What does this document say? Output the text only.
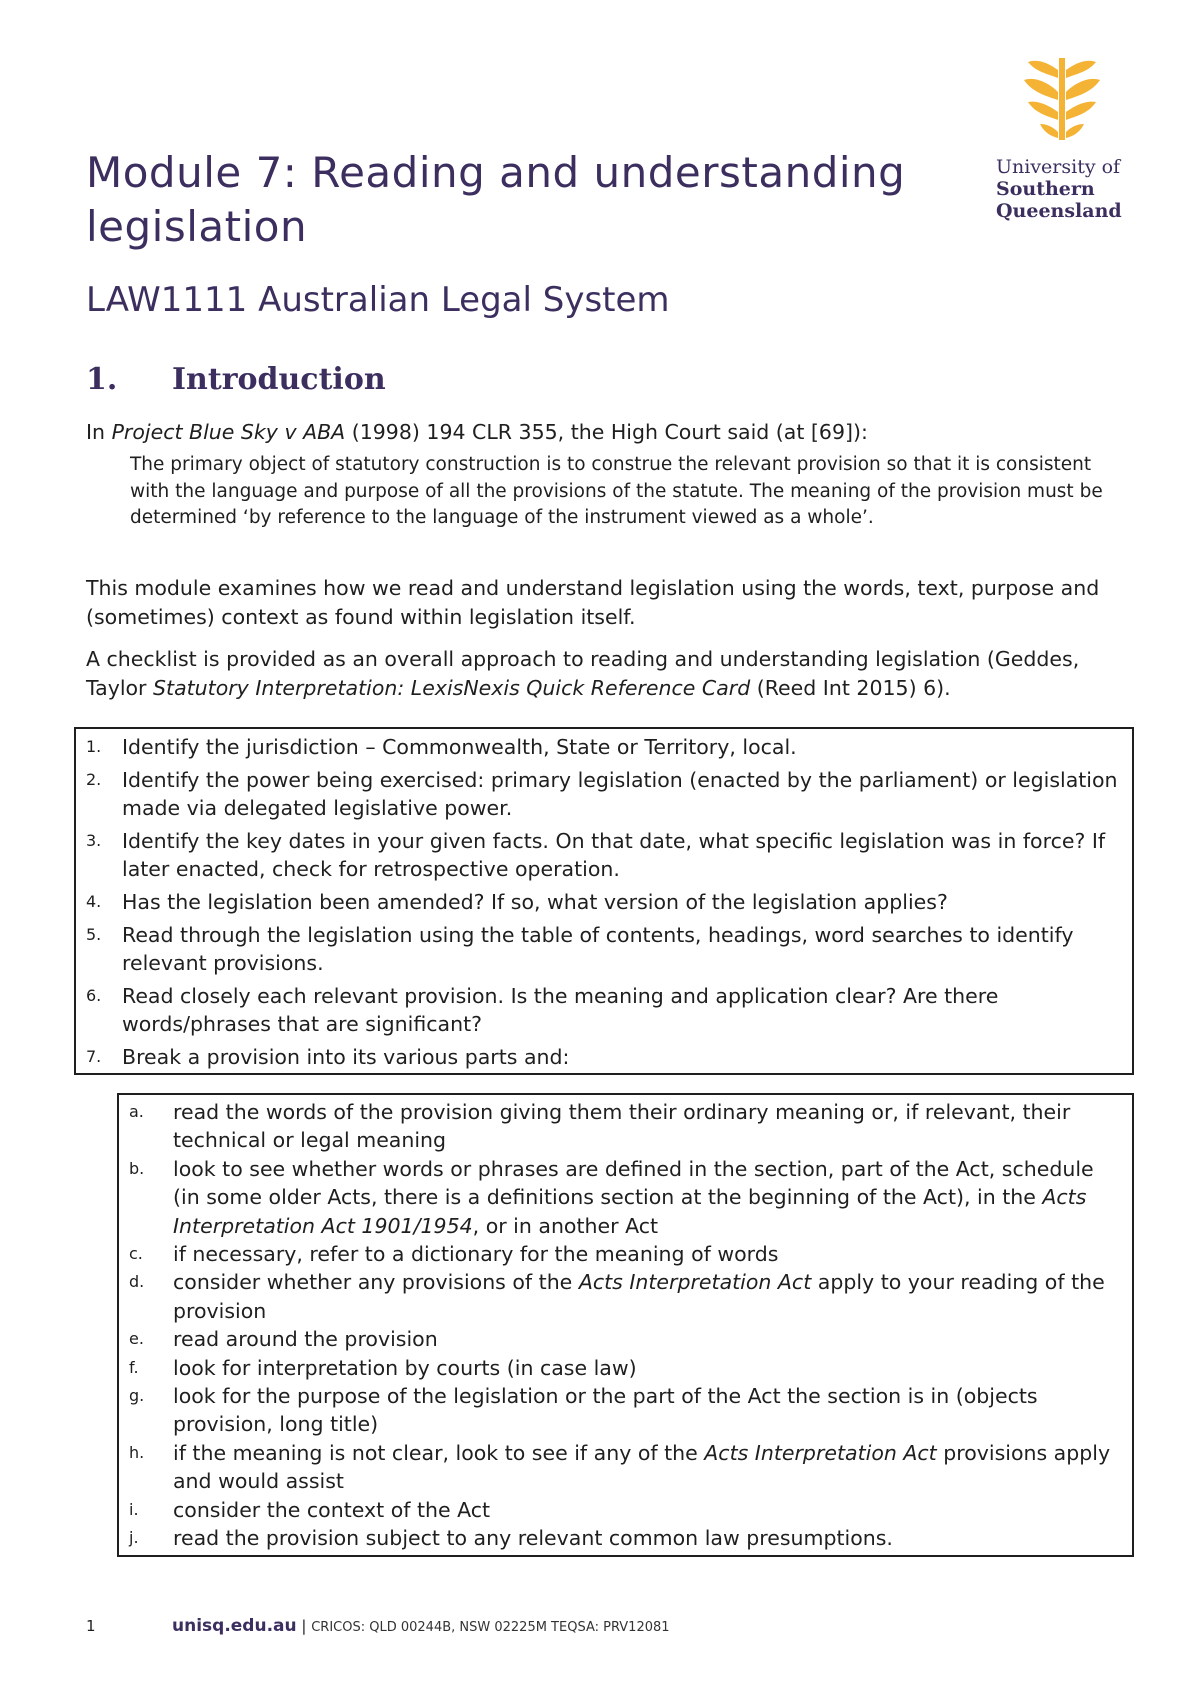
University of
Southern
Queensland
Module 7: Reading and understanding legislation
LAW1111 Australian Legal System
1. Introduction

In Project Blue Sky v ABA (1998) 194 CLR 355, the High Court said (at [69]):

The primary object of statutory construction is to construe the relevant provision so that it is consistent with the language and purpose of all the provisions of the statute. The meaning of the provision must be determined ‘by reference to the language of the instrument viewed as a whole’.

This module examines how we read and understand legislation using the words, text, purpose and (sometimes) context as found within legislation itself.

A checklist is provided as an overall approach to reading and understanding legislation (Geddes, Taylor Statutory Interpretation: LexisNexis Quick Reference Card (Reed Int 2015) 6).

1.	Identify the jurisdiction – Commonwealth, State or Territory, local.
2.	Identify the power being exercised: primary legislation (enacted by the parliament) or legislation made via delegated legislative power.
3.	Identify the key dates in your given facts. On that date, what specific legislation was in force? If later enacted, check for retrospective operation.
4.	Has the legislation been amended? If so, what version of the legislation applies?
5.	Read through the legislation using the table of contents, headings, word searches to identify relevant provisions.
6.	Read closely each relevant provision. Is the meaning and application clear? Are there words/phrases that are significant?
7.	Break a provision into its various parts and:
a.	read the words of the provision giving them their ordinary meaning or, if relevant, their technical or legal meaning
b.	look to see whether words or phrases are defined in the section, part of the Act, schedule (in some older Acts, there is a definitions section at the beginning of the Act), in the Acts Interpretation Act 1901/1954, or in another Act
c.	if necessary, refer to a dictionary for the meaning of words
d.	consider whether any provisions of the Acts Interpretation Act apply to your reading of the provision
e.	read around the provision
f.	look for interpretation by courts (in case law)
g.	look for the purpose of the legislation or the part of the Act the section is in (objects provision, long title)
h.	if the meaning is not clear, look to see if any of the Acts Interpretation Act provisions apply and would assist
i.	consider the context of the Act
j.	read the provision subject to any relevant common law presumptions.
1	unisq.edu.au | CRICOS: QLD 00244B, NSW 02225M TEQSA: PRV12081
